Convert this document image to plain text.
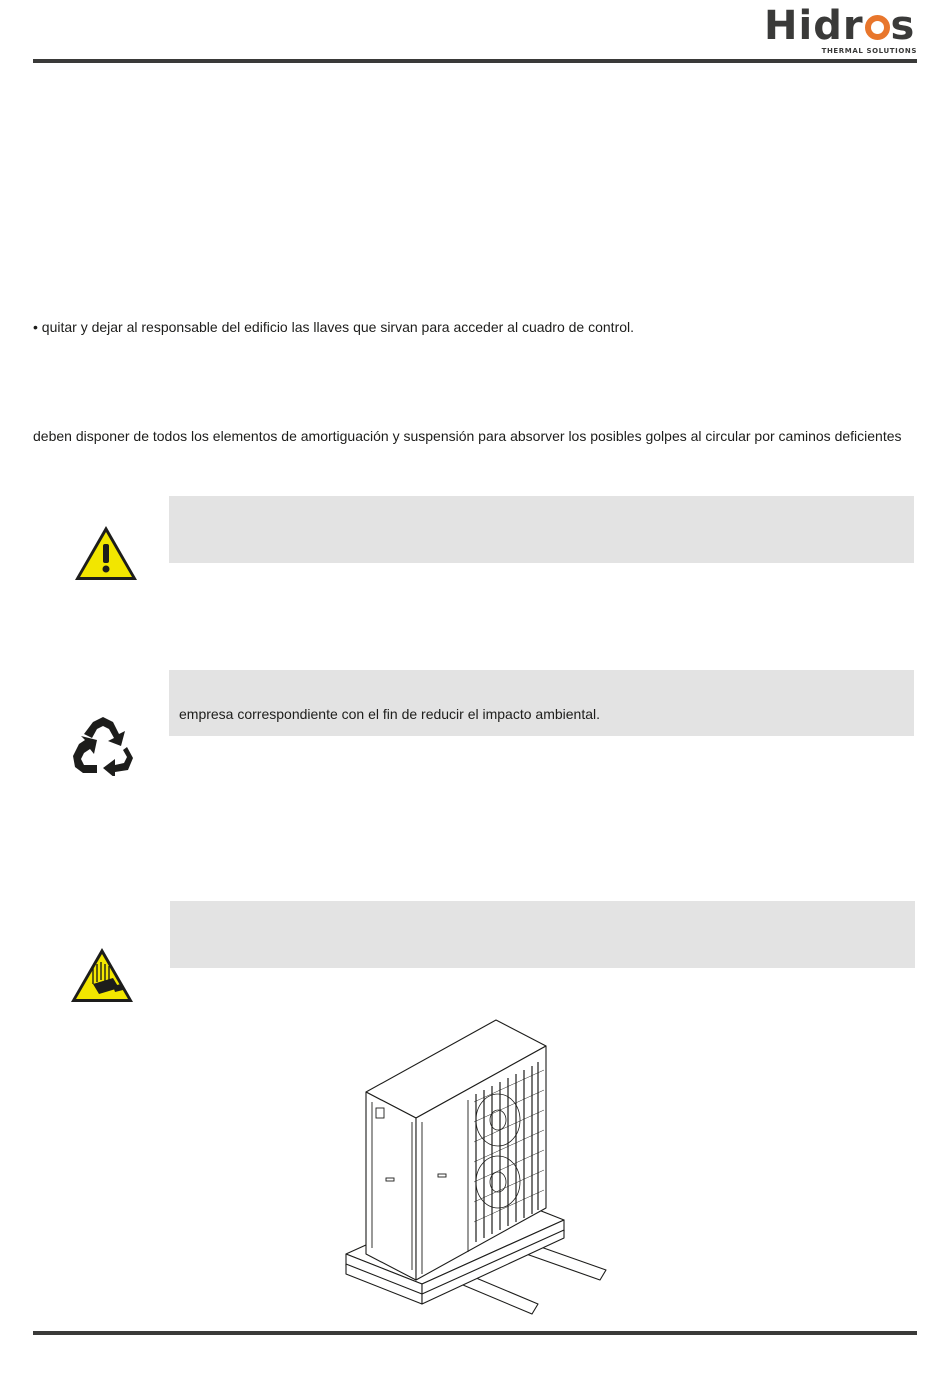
Hidr s
THERMAL SOLUTIONS
• quitar y dejar al responsable del edificio las llaves que sirvan para acceder al cuadro de control.
deben disponer de todos los elementos de amortiguación y suspensión para absorver los posibles golpes al circular por caminos deficientes
empresa correspondiente con el fin de reducir el impacto ambiental.
